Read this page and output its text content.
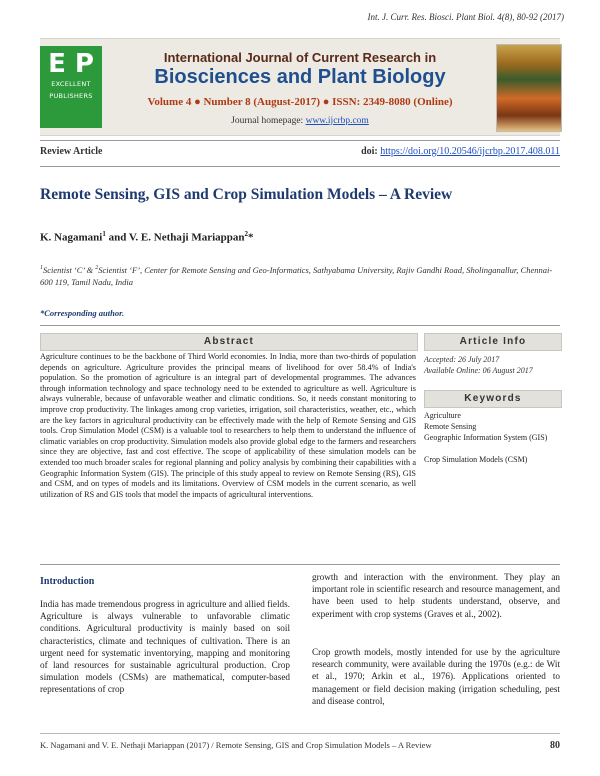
Int. J. Curr. Res. Biosci. Plant Biol. 4(8), 80-92 (2017)
E P
EXCELLENT
PUBLISHERS
International Journal of Current Research in
Biosciences and Plant Biology
Volume 4 ● Number 8 (August-2017) ● ISSN: 2349-8080 (Online)
Journal homepage: www.ijcrbp.com
Review Article	doi: https://doi.org/10.20546/ijcrbp.2017.408.011
Remote Sensing, GIS and Crop Simulation Models – A Review
K. Nagamani$^1$ and V. E. Nethaji Mariappan$^2$*
$^1$Scientist ‘C’ & $^2$Scientist ‘F’, Center for Remote Sensing and Geo-Informatics, Sathyabama University, Rajiv Gandhi Road, Sholinganallur, Chennai-600 119, Tamil Nadu, India
*Corresponding author.
Abstract
Agriculture continues to be the backbone of Third World economies. In India, more than two-thirds of population depends on agriculture. Agriculture provides the principal means of livelihood for over 58.4% of India's population. So the promotion of agriculture is an integral part of developmental programmes. The advances through information technology and space technology need to be extended to agriculture as well. Agriculture is always vulnerable, because of unfavorable weather and climatic conditions. So, it needs constant monitoring to improve crop productivity. The linkages among crop varieties, irrigation, soil characteristics, weather, etc., which are the key factors in agricultural productivity can be effectively made with the help of Remote Sensing and GIS tools. Crop Simulation Model (CSM) is a valuable tool to researchers to help them to understand the influence of climatic variables on crop productivity. Simulation models also provide global edge to the farmers and researchers since they are objective, fast and cost effective. The scope of applicability of these simulation models can be extended too much broader scales for regional planning and policy analysis by combining their capabilities with a Geographic Information System (GIS). The principle of this study appeal to review on Remote Sensing (RS), GIS and CSM, and on types of models and its limitations. Overview of CSM models in the current scenario, as well utilization of RS and GIS tools that model the impacts of agricultural interventions.
Article Info
Accepted: 26 July 2017
Available Online: 06 August 2017
Keywords
Agriculture
Remote Sensing
Geographic Information System (GIS)
Crop Simulation Models (CSM)
Introduction
India has made tremendous progress in agriculture and allied fields. Agriculture is always vulnerable to unfavorable climatic conditions. Agricultural productivity is mainly based on soil characteristics, climate and techniques of cultivation. There is an urgent need for systematic inventorying, mapping and monitoring of land resources for sustainable agricultural production. Crop simulation models (CSMs) are mathematical, computer-based representations of crop
growth and interaction with the environment. They play an important role in scientific research and resource management, and have been used to help students understand, observe, and experiment with crop systems (Graves et al., 2002).
Crop growth models, mostly intended for use by the agriculture research community, were available during the 1970s (e.g.: de Wit et al., 1970; Arkin et al., 1976). Applications oriented to management or field decision making (irrigation scheduling, pest and disease control,
K. Nagamani and V. E. Nethaji Mariappan (2017) / Remote Sensing, GIS and Crop Simulation Models – A Review	80
